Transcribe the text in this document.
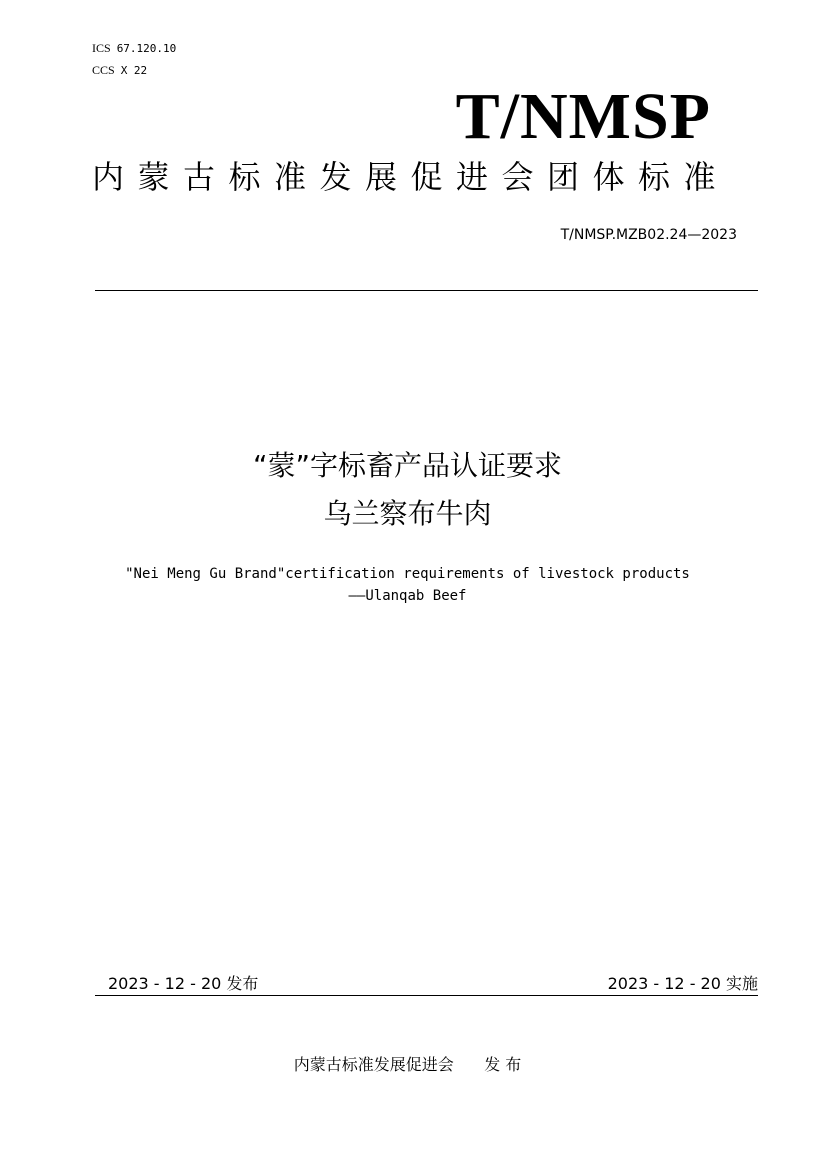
ICS 67.120.10
CCS X 22
T/NMSP
内蒙古标准发展促进会团体标准
T/NMSP.MZB02.24—2023
“蒙”字标畜产品认证要求
乌兰察布牛肉
"Nei Meng Gu Brand"certification requirements of livestock products
——Ulanqab Beef
2023 - 12 - 20 发布	2023 - 12 - 20 实施
内蒙古标准发展促进会      发 布
